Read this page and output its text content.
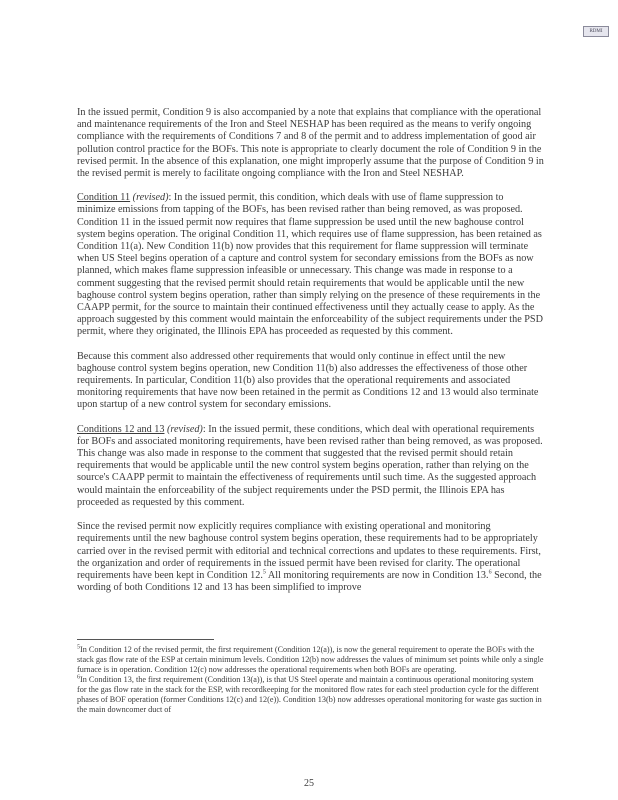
RDMI

In the issued permit, Condition 9 is also accompanied by a note that explains that compliance with the operational and maintenance requirements of the Iron and Steel NESHAP has been required as the means to verify ongoing compliance with the requirements of Conditions 7 and 8 of the permit and to address implementation of good air pollution control practice for the BOFs. This note is appropriate to clearly document the role of Condition 9 in the revised permit. In the absence of this explanation, one might improperly assume that the purpose of Condition 9 in the revised permit is merely to facilitate ongoing compliance with the Iron and Steel NESHAP.

Condition 11 (revised): In the issued permit, this condition, which deals with use of flame suppression to minimize emissions from tapping of the BOFs, has been revised rather than being removed, as was proposed. Condition 11 in the issued permit now requires that flame suppression be used until the new baghouse control system begins operation. The original Condition 11, which requires use of flame suppression, has been retained as Condition 11(a). New Condition 11(b) now provides that this requirement for flame suppression will terminate when US Steel begins operation of a capture and control system for secondary emissions from the BOFs as now planned, which makes flame suppression infeasible or unnecessary. This change was made in response to a comment suggesting that the revised permit should retain requirements that would be applicable until the new baghouse control system begins operation, rather than simply relying on the presence of these requirements in the CAAPP permit, for the source to maintain their continued effectiveness until they actually cease to apply. As the approach suggested by this comment would maintain the enforceability of the subject requirements under the PSD permit, where they originated, the Illinois EPA has proceeded as requested by this comment.

Because this comment also addressed other requirements that would only continue in effect until the new baghouse control system begins operation, new Condition 11(b) also addresses the effectiveness of those other requirements. In particular, Condition 11(b) also provides that the operational requirements and associated monitoring requirements that have now been retained in the permit as Conditions 12 and 13 would also terminate upon startup of a new control system for secondary emissions.

Conditions 12 and 13 (revised): In the issued permit, these conditions, which deal with operational requirements for BOFs and associated monitoring requirements, have been revised rather than being removed, as was proposed. This change was also made in response to the comment that suggested that the revised permit should retain requirements that would be applicable until the new control system begins operation, rather than relying on the source's CAAPP permit to maintain the effectiveness of requirements until such time. As the suggested approach would maintain the enforceability of the subject requirements under the PSD permit, the Illinois EPA has proceeded as requested by this comment.

Since the revised permit now explicitly requires compliance with existing operational and monitoring requirements until the new baghouse control system begins operation, these requirements had to be appropriately carried over in the revised permit with editorial and technical corrections and updates to these requirements. First, the organization and order of requirements in the issued permit have been revised for clarity. The operational requirements have been kept in Condition 12.$^5$ All monitoring requirements are now in Condition 13.$^6$ Second, the wording of both Conditions 12 and 13 has been simplified to improve

$^5$In Condition 12 of the revised permit, the first requirement (Condition 12(a)), is now the general requirement to operate the BOFs with the stack gas flow rate of the ESP at certain minimum levels. Condition 12(b) now addresses the values of minimum set points while only a single furnace is in operation. Condition 12(c) now addresses the operational requirements when both BOFs are operating.

$^6$In Condition 13, the first requirement (Condition 13(a)), is that US Steel operate and maintain a continuous operational monitoring system for the gas flow rate in the stack for the ESP, with recordkeeping for the monitored flow rates for each steel production cycle for the different phases of BOF operation (former Conditions 12(c) and 12(e)). Condition 13(b) now addresses operational monitoring for waste gas suction in the main downcomer duct of

25
